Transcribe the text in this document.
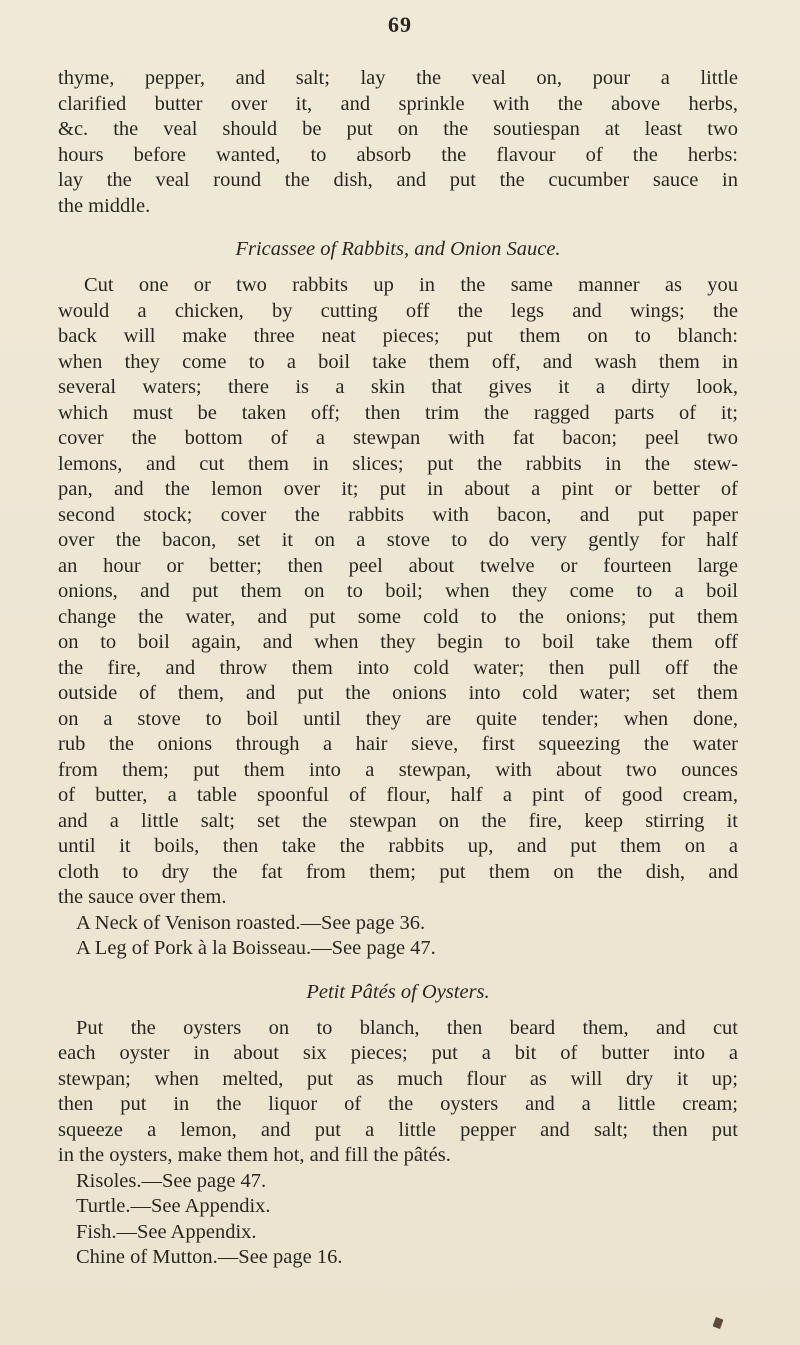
69
thyme, pepper, and salt; lay the veal on, pour a little
clarified butter over it, and sprinkle with the above herbs,
&c. the veal should be put on the soutiespan at least two
hours before wanted, to absorb the flavour of the herbs:
lay the veal round the dish, and put the cucumber sauce in
the middle.
Fricassee of Rabbits, and Onion Sauce.
Cut one or two rabbits up in the same manner as you
would a chicken, by cutting off the legs and wings; the
back will make three neat pieces; put them on to blanch:
when they come to a boil take them off, and wash them in
several waters; there is a skin that gives it a dirty look,
which must be taken off; then trim the ragged parts of it;
cover the bottom of a stewpan with fat bacon; peel two
lemons, and cut them in slices; put the rabbits in the stew-
pan, and the lemon over it; put in about a pint or better of
second stock; cover the rabbits with bacon, and put paper
over the bacon, set it on a stove to do very gently for half
an hour or better; then peel about twelve or fourteen large
onions, and put them on to boil; when they come to a boil
change the water, and put some cold to the onions; put them
on to boil again, and when they begin to boil take them off
the fire, and throw them into cold water; then pull off the
outside of them, and put the onions into cold water; set them
on a stove to boil until they are quite tender; when done,
rub the onions through a hair sieve, first squeezing the water
from them; put them into a stewpan, with about two ounces
of butter, a table spoonful of flour, half a pint of good cream,
and a little salt; set the stewpan on the fire, keep stirring it
until it boils, then take the rabbits up, and put them on a
cloth to dry the fat from them; put them on the dish, and
the sauce over them.
A Neck of Venison roasted.—See page 36.
A Leg of Pork à la Boisseau.—See page 47.
Petit Pâtés of Oysters.
Put the oysters on to blanch, then beard them, and cut
each oyster in about six pieces; put a bit of butter into a
stewpan; when melted, put as much flour as will dry it up;
then put in the liquor of the oysters and a little cream;
squeeze a lemon, and put a little pepper and salt; then put
in the oysters, make them hot, and fill the pâtés.
Risoles.—See page 47.
Turtle.—See Appendix.
Fish.—See Appendix.
Chine of Mutton.—See page 16.
